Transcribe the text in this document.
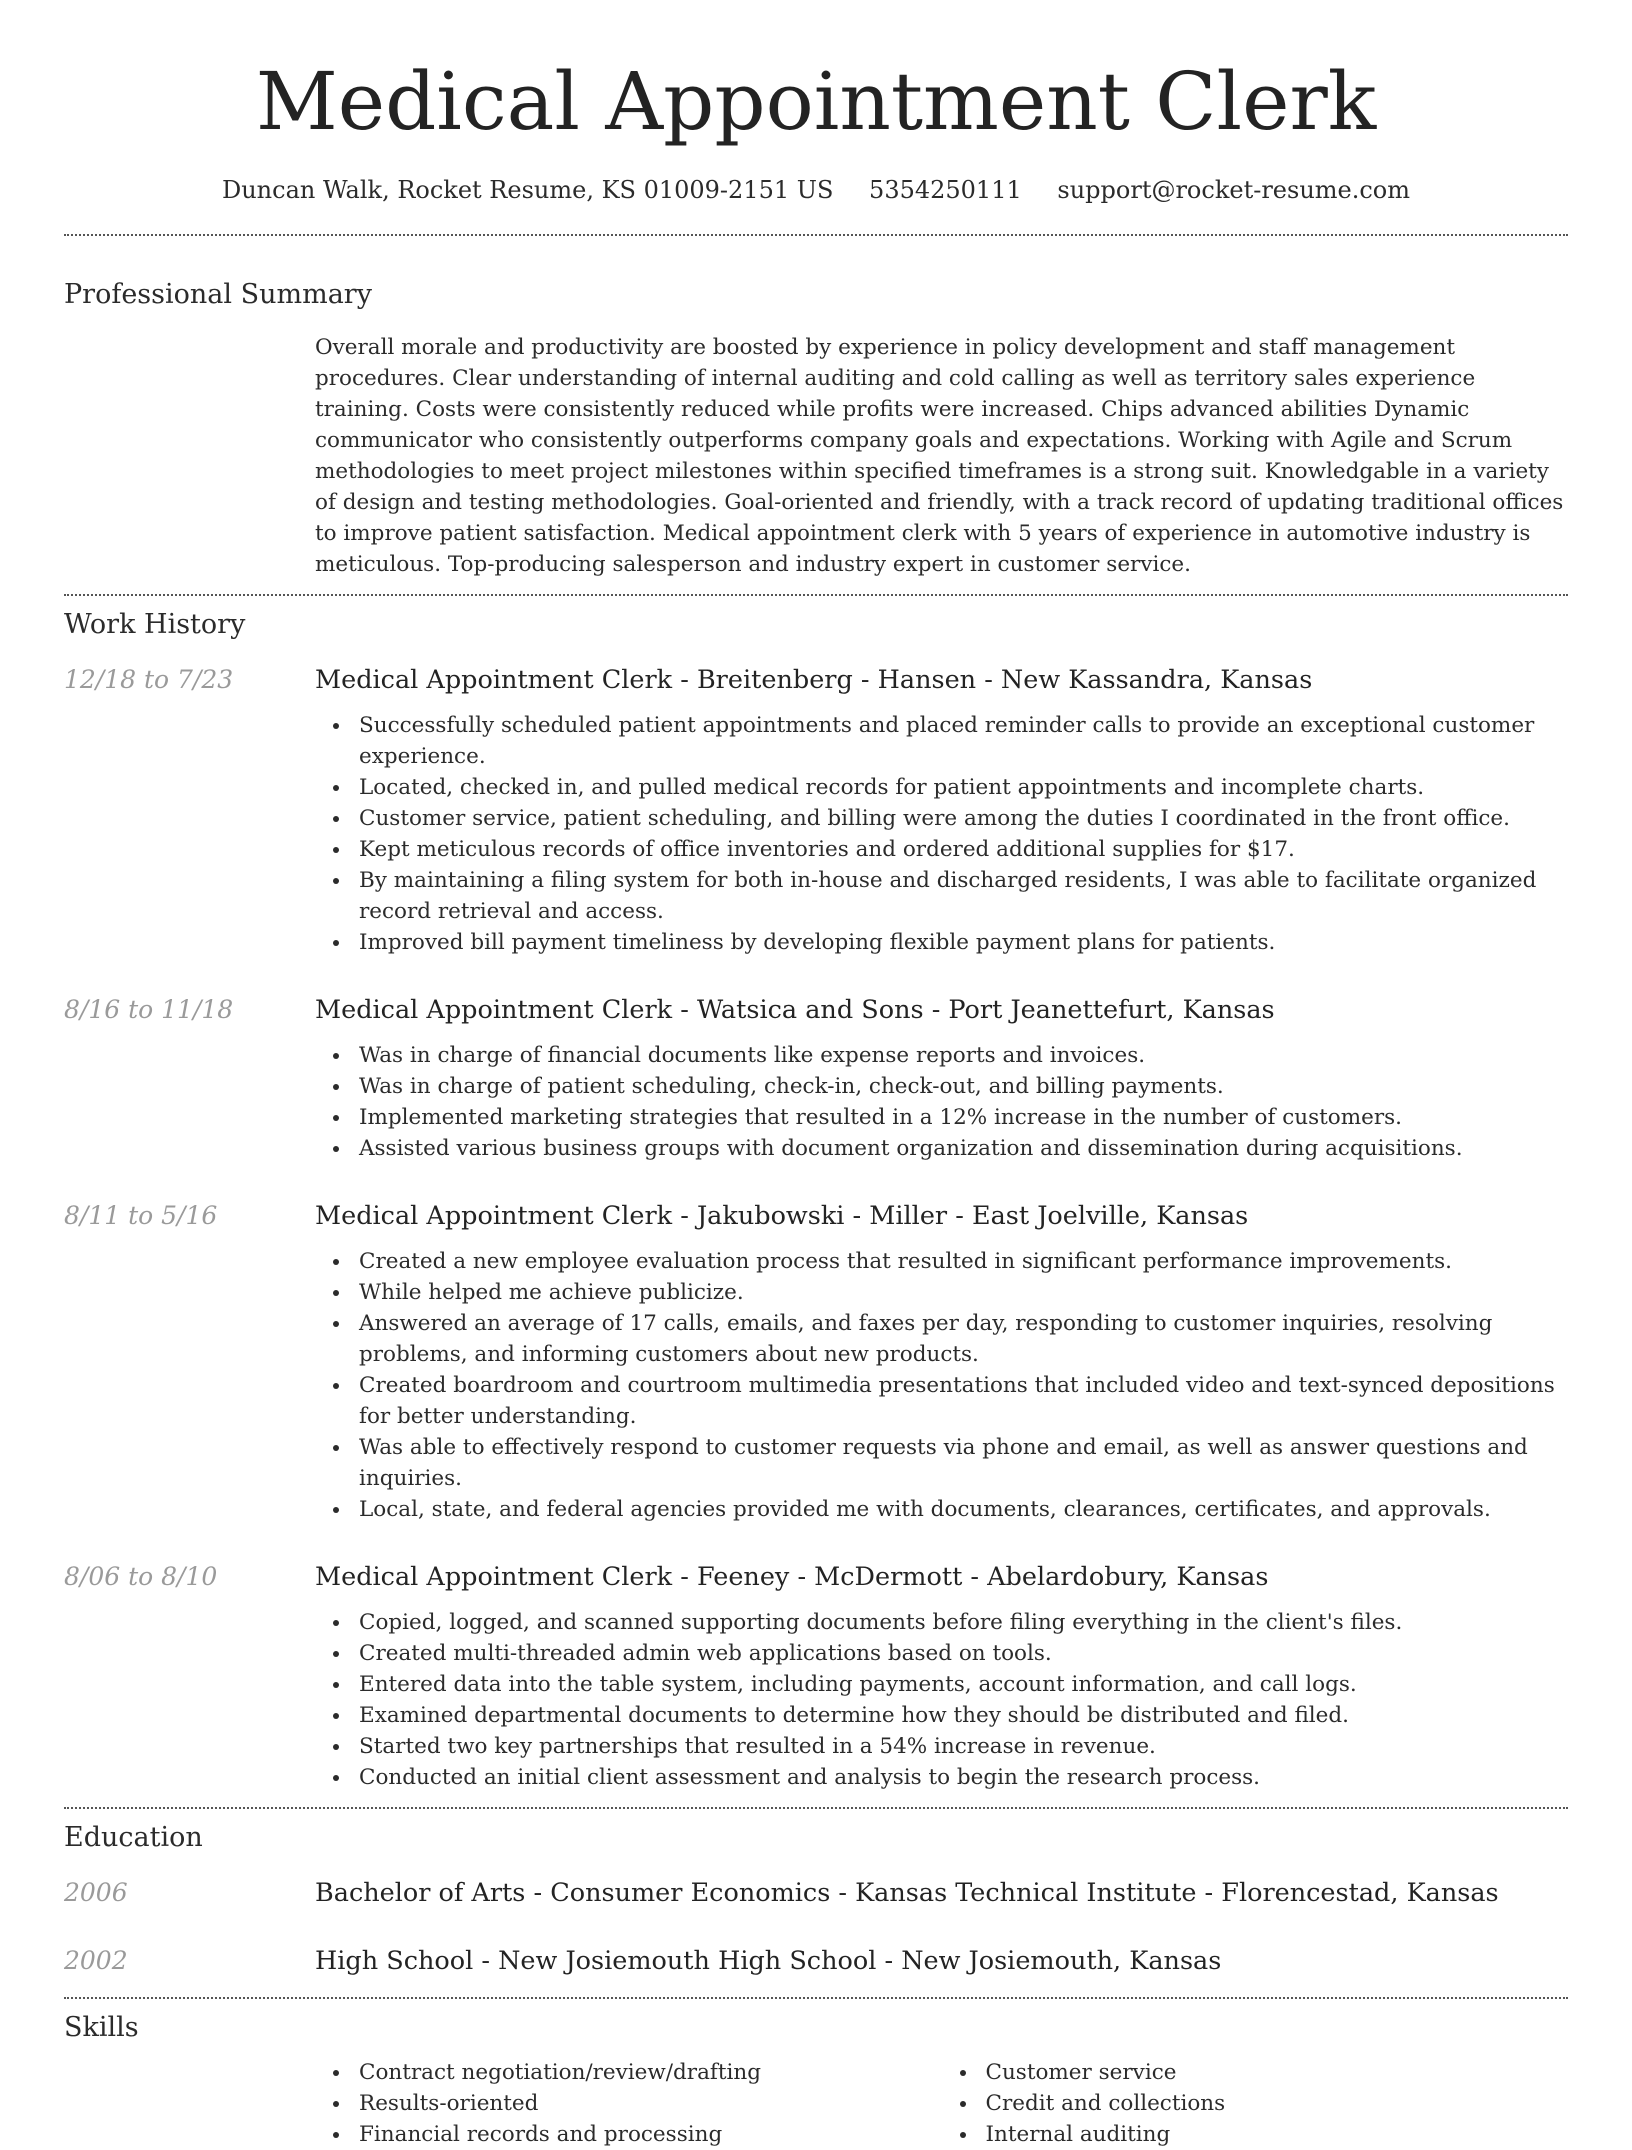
Medical Appointment Clerk
Duncan Walk, Rocket Resume, KS 01009-2151 US 5354250111 support@rocket-resume.com
Professional Summary
Overall morale and productivity are boosted by experience in policy development and staff management procedures. Clear understanding of internal auditing and cold calling as well as territory sales experience training. Costs were consistently reduced while profits were increased. Chips advanced abilities Dynamic communicator who consistently outperforms company goals and expectations. Working with Agile and Scrum methodologies to meet project milestones within specified timeframes is a strong suit. Knowledgable in a variety of design and testing methodologies. Goal-oriented and friendly, with a track record of updating traditional offices to improve patient satisfaction. Medical appointment clerk with 5 years of experience in automotive industry is meticulous. Top-producing salesperson and industry expert in customer service.
Work History
12/18 to 7/23	Medical Appointment Clerk - Breitenberg - Hansen - New Kassandra, Kansas
Successfully scheduled patient appointments and placed reminder calls to provide an exceptional customer experience.
Located, checked in, and pulled medical records for patient appointments and incomplete charts.
Customer service, patient scheduling, and billing were among the duties I coordinated in the front office.
Kept meticulous records of office inventories and ordered additional supplies for $17.
By maintaining a filing system for both in-house and discharged residents, I was able to facilitate organized record retrieval and access.
Improved bill payment timeliness by developing flexible payment plans for patients.
8/16 to 11/18	Medical Appointment Clerk - Watsica and Sons - Port Jeanettefurt, Kansas
Was in charge of financial documents like expense reports and invoices.
Was in charge of patient scheduling, check-in, check-out, and billing payments.
Implemented marketing strategies that resulted in a 12% increase in the number of customers.
Assisted various business groups with document organization and dissemination during acquisitions.
8/11 to 5/16	Medical Appointment Clerk - Jakubowski - Miller - East Joelville, Kansas
Created a new employee evaluation process that resulted in significant performance improvements.
While helped me achieve publicize.
Answered an average of 17 calls, emails, and faxes per day, responding to customer inquiries, resolving problems, and informing customers about new products.
Created boardroom and courtroom multimedia presentations that included video and text-synced depositions for better understanding.
Was able to effectively respond to customer requests via phone and email, as well as answer questions and inquiries.
Local, state, and federal agencies provided me with documents, clearances, certificates, and approvals.
8/06 to 8/10	Medical Appointment Clerk - Feeney - McDermott - Abelardobury, Kansas
Copied, logged, and scanned supporting documents before filing everything in the client's files.
Created multi-threaded admin web applications based on tools.
Entered data into the table system, including payments, account information, and call logs.
Examined departmental documents to determine how they should be distributed and filed.
Started two key partnerships that resulted in a 54% increase in revenue.
Conducted an initial client assessment and analysis to begin the research process.
Education
2006	Bachelor of Arts - Consumer Economics - Kansas Technical Institute - Florencestad, Kansas
2002	High School - New Josiemouth High School - New Josiemouth, Kansas
Skills
Contract negotiation/review/drafting
Results-oriented
Financial records and processing
Customer service
Credit and collections
Internal auditing
